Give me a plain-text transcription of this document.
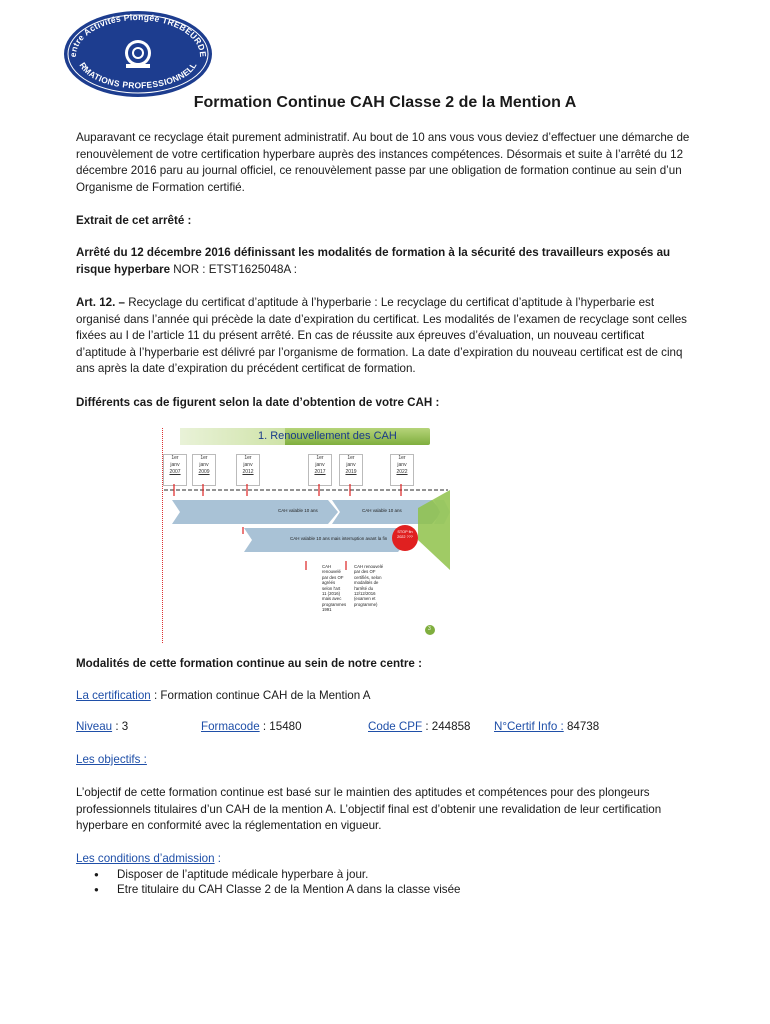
entre Activités Plongée TREBEURDE
RMATIONS PROFESSIONNELL
Formation Continue CAH Classe 2 de la Mention A

Auparavant ce recyclage était purement administratif. Au bout de 10 ans vous vous deviez d’effectuer une démarche de renouvèlement de votre certification hyperbare auprès des instances compétences. Désormais et suite à l’arrêté du 12 décembre 2016 paru au journal officiel, ce renouvèlement passe par une obligation de formation continue au sein d’un Organisme de Formation certifié.

Extrait de cet arrêté :

Arrêté du 12 décembre 2016 définissant les modalités de formation à la sécurité des travailleurs exposés au risque hyperbare NOR : ETST1625048A :

Art. 12. – Recyclage du certificat d’aptitude à l’hyperbarie : Le recyclage du certificat d’aptitude à l’hyperbarie est organisé dans l’année qui précède la date d’expiration du certificat. Les modalités de l’examen de recyclage sont celles fixées au I de l’article 11 du présent arrêté. En cas de réussite aux épreuves d’évaluation, un nouveau certificat d’aptitude à l’hyperbarie est délivré par l’organisme de formation. La date d’expiration du nouveau certificat est de cinq ans après la date d’expiration du précédent certificat de formation.

Différents cas de figurent selon la date d’obtention de votre CAH :

1. Renouvellement des CAH
1er
janv
2007
1er
janv
2009
1er
janv
2012
1er
janv
2017
1er
janv
2019
1er
janv
2022
CAH valable 10 ans	CAH valable 10 ans
CAH valable 10 ans mais interruption avant la fin
STOP fin 2022 ???
CAH
renouvelé
par des OF
agréés
selon l'art
11 (2016)
mais avec
programmes
1991
CAH renouvelé
par des OF
certifiés, selon
modalités de
l'arrêté du
12/12/2016
(examen et
programme)
3

Modalités de cette formation continue au sein de notre centre :

La certification : Formation continue CAH de la Mention A

Niveau : 3	Formacode : 15480	Code CPF : 244858 N°Certif Info : 84738

Les objectifs :

L’objectif de cette formation continue est basé sur le maintien des aptitudes et compétences pour des plongeurs professionnels titulaires d’un CAH de la mention A. L’objectif final est d’obtenir une revalidation de leur certification hyperbare en conformité avec la réglementation en vigueur.

Les conditions d’admission :

● Disposer de l’aptitude médicale hyperbare à jour.
● Etre titulaire du CAH Classe 2 de la Mention A dans la classe visée
